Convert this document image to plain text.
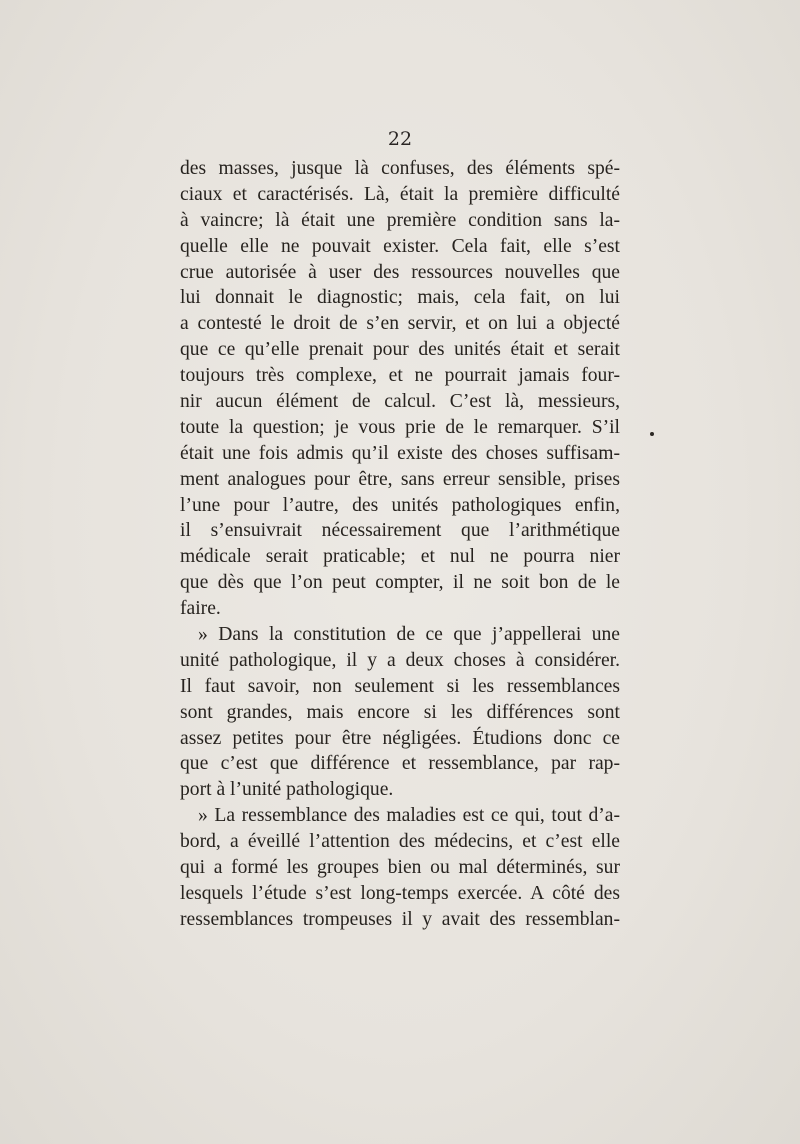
22

des masses, jusque là confuses, des éléments spé-
ciaux et caractérisés. Là, était la première difficulté
à vaincre; là était une première condition sans la-
quelle elle ne pouvait exister. Cela fait, elle s’est
crue autorisée à user des ressources nouvelles que
lui donnait le diagnostic; mais, cela fait, on lui
a contesté le droit de s’en servir, et on lui a objecté
que ce qu’elle prenait pour des unités était et serait
toujours très complexe, et ne pourrait jamais four-
nir aucun élément de calcul. C’est là, messieurs,
toute la question; je vous prie de le remarquer. S’il
était une fois admis qu’il existe des choses suffisam-
ment analogues pour être, sans erreur sensible, prises
l’une pour l’autre, des unités pathologiques enfin,
il s’ensuivrait nécessairement que l’arithmétique
médicale serait praticable; et nul ne pourra nier
que dès que l’on peut compter, il ne soit bon de le
faire.
» Dans la constitution de ce que j’appellerai une
unité pathologique, il y a deux choses à considérer.
Il faut savoir, non seulement si les ressemblances
sont grandes, mais encore si les différences sont
assez petites pour être négligées. Étudions donc ce
que c’est que différence et ressemblance, par rap-
port à l’unité pathologique.
» La ressemblance des maladies est ce qui, tout d’a-
bord, a éveillé l’attention des médecins, et c’est elle
qui a formé les groupes bien ou mal déterminés, sur
lesquels l’étude s’est long-temps exercée. A côté des
ressemblances trompeuses il y avait des ressemblan-
